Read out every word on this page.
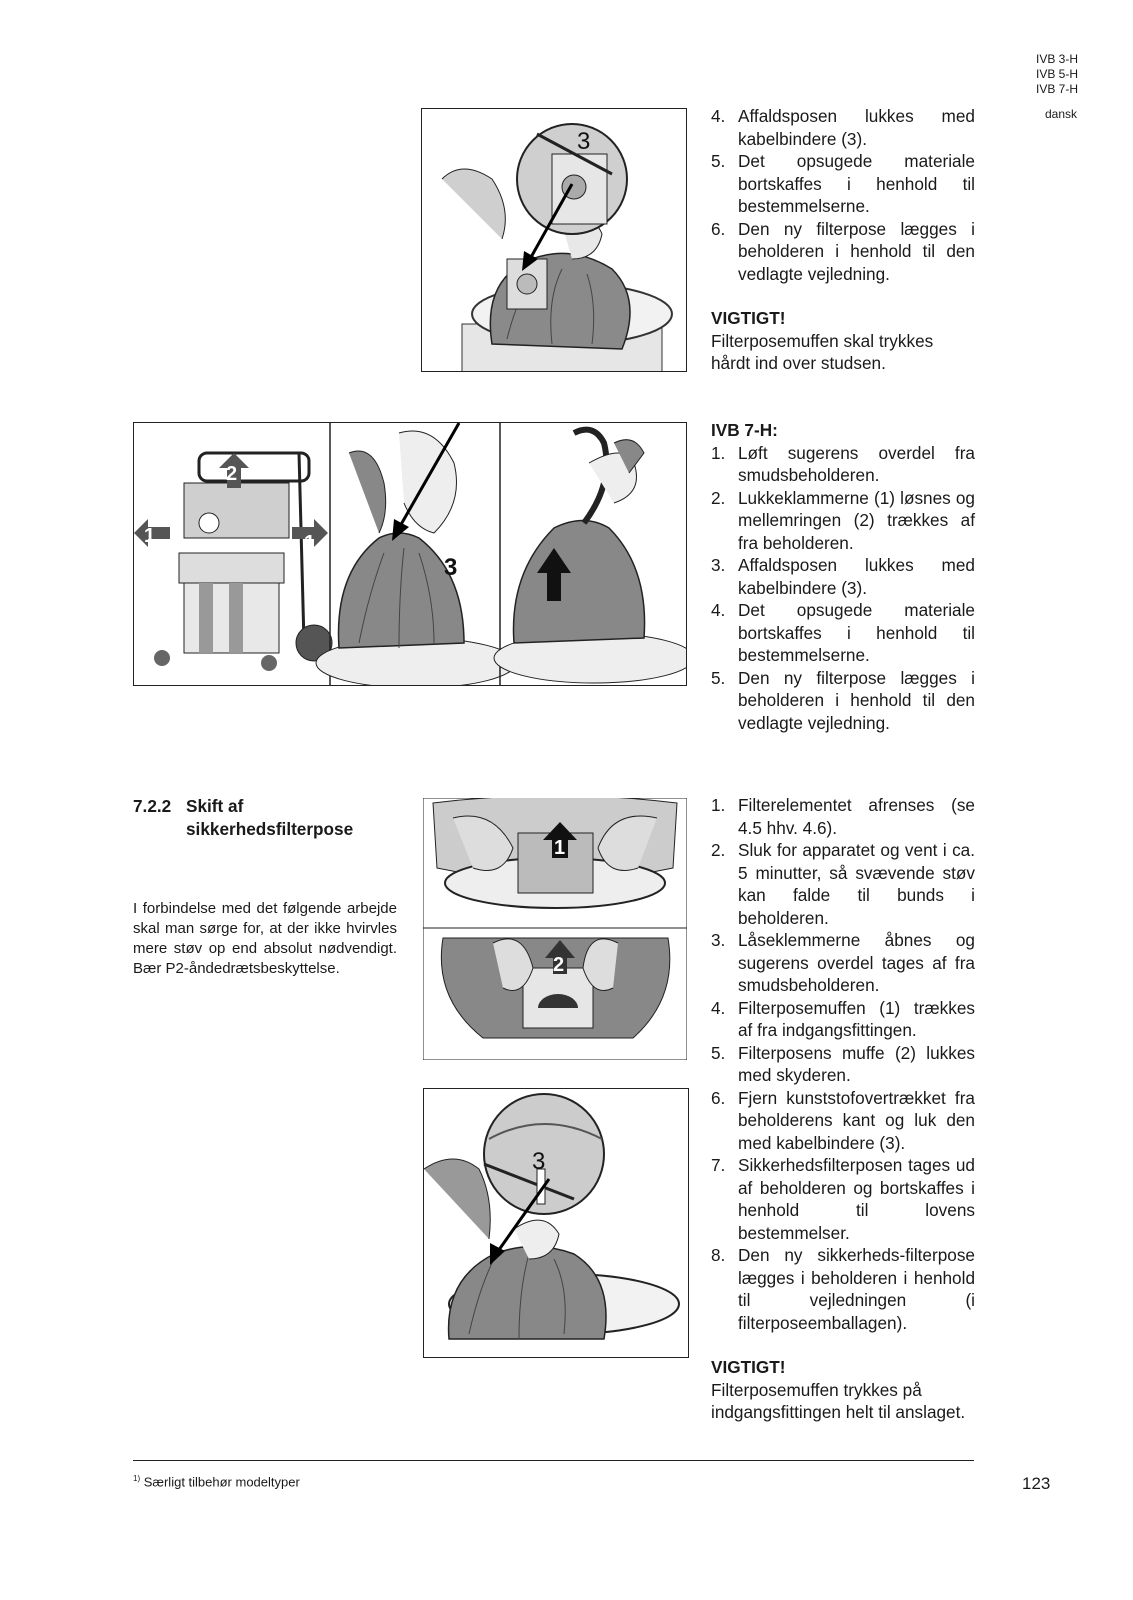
IVB 3-H
IVB 5-H
IVB 7-H
dansk
3
4. Affaldsposen lukkes med kabelbindere (3).
5. Det opsugede materiale bortskaffes i henhold til bestemmelserne.
6. Den ny filterpose lægges i beholderen i henhold til den vedlagte vejledning.
VIGTIGT!
Filterposemuffen skal trykkes hårdt ind over studsen.
2
1	1
3
IVB 7-H:
1. Løft sugerens overdel fra smudsbeholderen.
2. Lukkeklammerne (1) løsnes og mellemringen (2) trækkes af fra beholderen.
3. Affaldsposen lukkes med kabelbindere (3).
4. Det opsugede materiale bortskaffes i henhold til bestemmelserne.
5. Den ny filterpose lægges i beholderen i henhold til den vedlagte vejledning.
7.2.2 Skift af
sikkerhedsfilterpose
I forbindelse med det følgende arbejde skal man sørge for, at der ikke hvirvles mere støv op end absolut nødvendigt. Bær P2-åndedrætsbeskyttelse.
1
2
3
1. Filterelementet afrenses (se 4.5 hhv. 4.6).
2. Sluk for apparatet og vent i ca. 5 minutter, så svævende støv kan falde til bunds i beholderen.
3. Låseklemmerne åbnes og sugerens overdel tages af fra smudsbeholderen.
4. Filterposemuffen (1) trækkes af fra indgangsfittingen.
5. Filterposens muffe (2) lukkes med skyderen.
6. Fjern kunststofovertrækket fra beholderens kant og luk den med kabelbindere (3).
7. Sikkerhedsfilterposen tages ud af beholderen og bortskaffes i henhold til lovens bestemmelser.
8. Den ny sikkerheds-filterpose lægges i beholderen i henhold til vejledningen (i filterposeemballagen).
VIGTIGT!
Filterposemuffen trykkes på indgangsfittingen helt til anslaget.
$^{1)}$ Særligt tilbehør modeltyper	123
